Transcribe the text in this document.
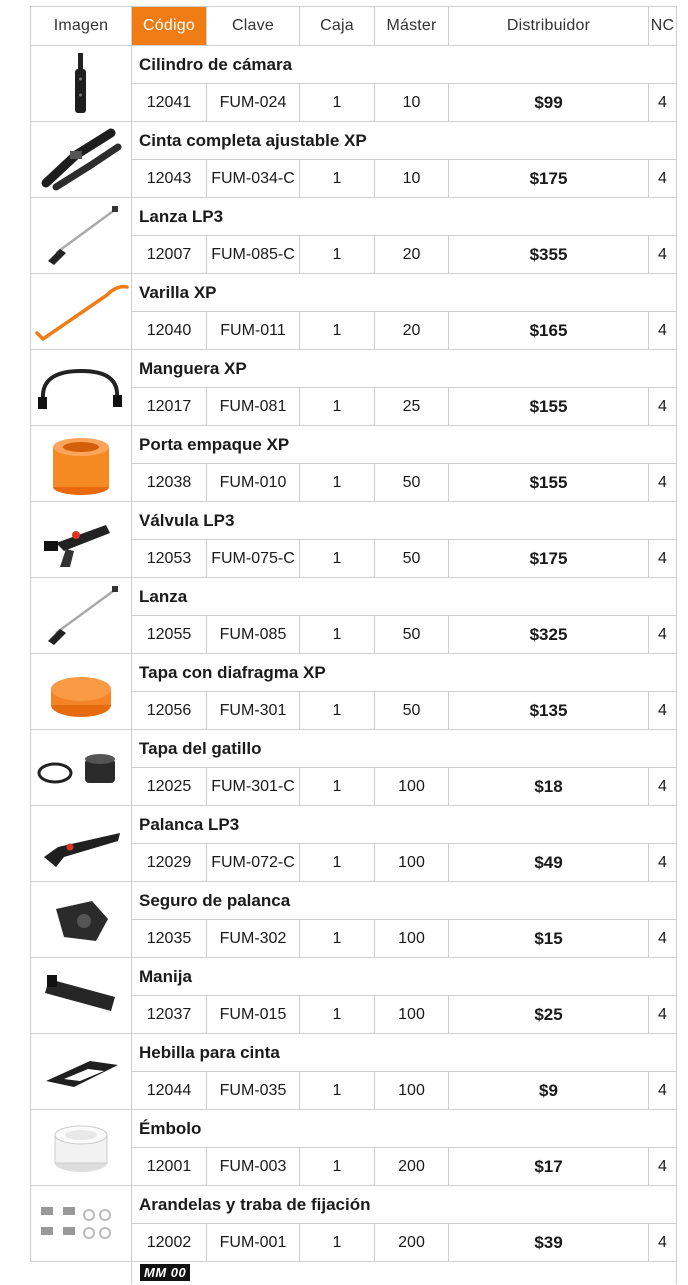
Imagen	Código	Clave	Caja	Máster	Distribuidor	NC

	Cilindro de cámara					
	12041	FUM-024	1	10	$99	4

	Cinta completa ajustable XP					
	12043	FUM-034-C	1	10	$175	4

	Lanza LP3					
	12007	FUM-085-C	1	20	$355	4

	Varilla XP					
	12040	FUM-011	1	20	$165	4

	Manguera XP					
	12017	FUM-081	1	25	$155	4

	Porta empaque XP					
	12038	FUM-010	1	50	$155	4

	Válvula LP3					
	12053	FUM-075-C	1	50	$175	4

	Lanza					
	12055	FUM-085	1	50	$325	4

	Tapa con diafragma XP					
	12056	FUM-301	1	50	$135	4

	Tapa del gatillo					
	12025	FUM-301-C	1	100	$18	4

	Palanca LP3					
	12029	FUM-072-C	1	100	$49	4

	Seguro de palanca					
	12035	FUM-302	1	100	$15	4

	Manija					
	12037	FUM-015	1	100	$25	4

	Hebilla para cinta					
	12044	FUM-035	1	100	$9	4

	Émbolo					
	12001	FUM-003	1	200	$17	4

	Arandelas y traba de fijación					
	12002	FUM-001	1	200	$39	4
	MM 00					
